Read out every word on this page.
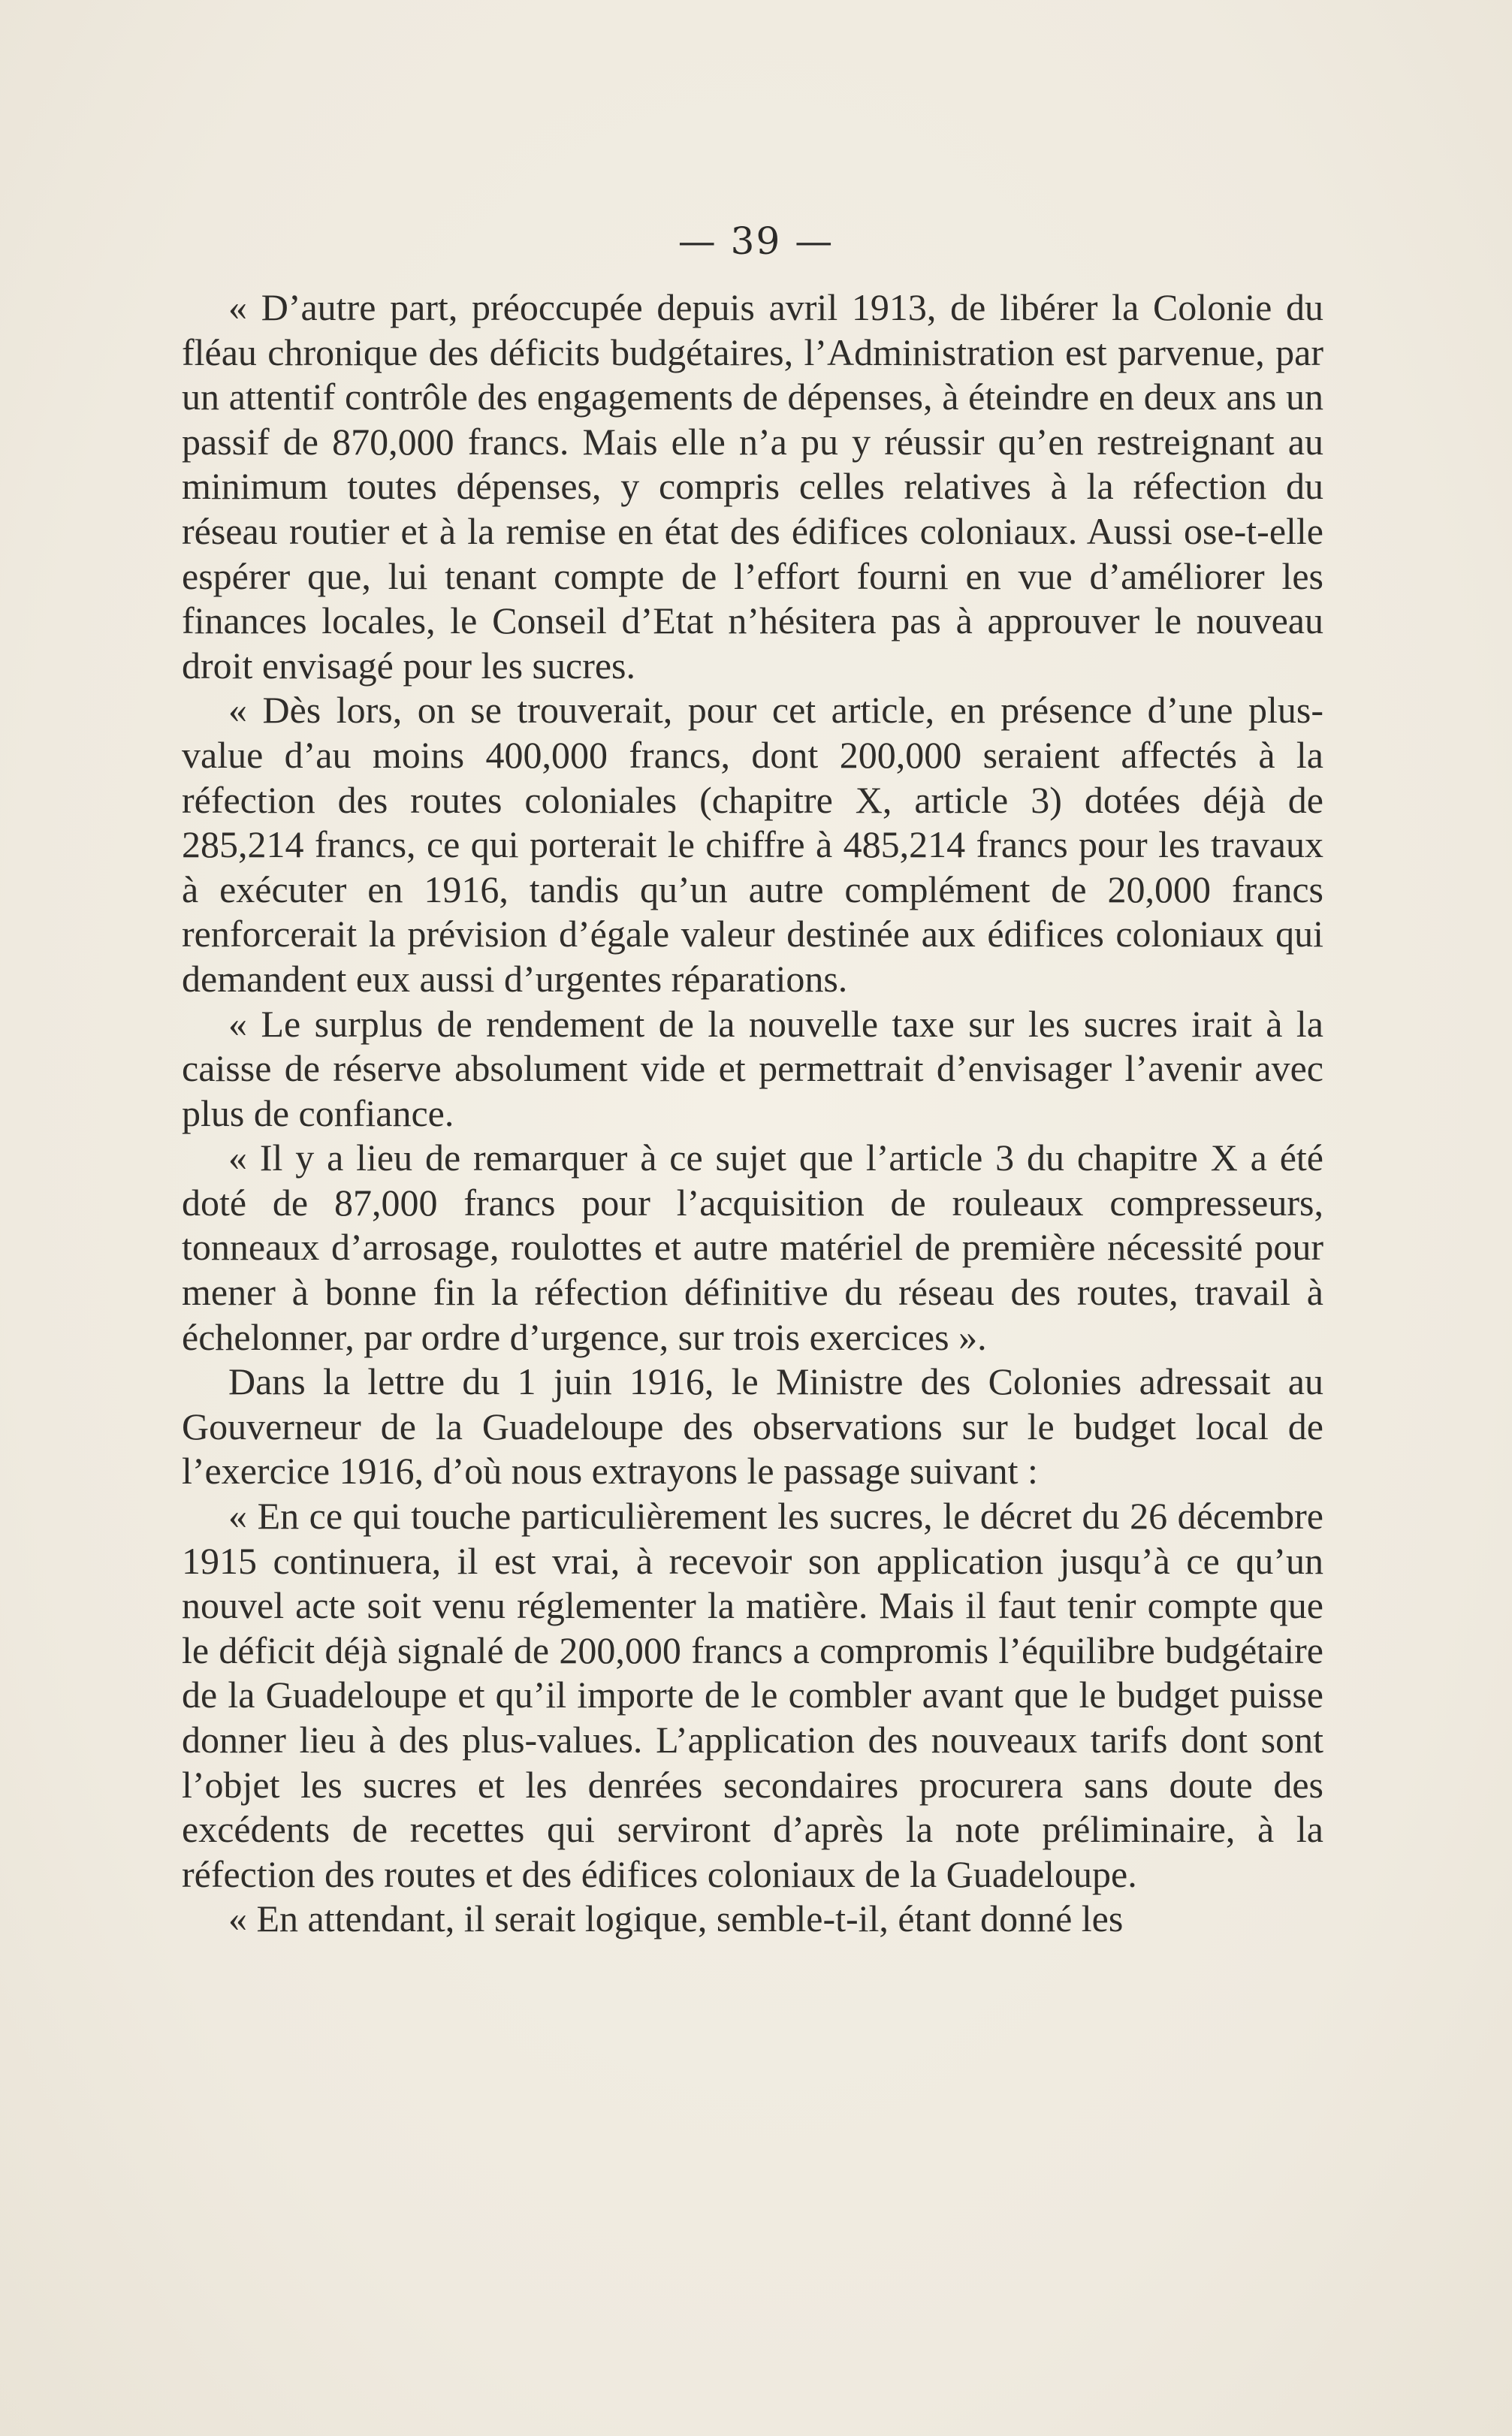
— 39 —

« D’autre part, préoccupée depuis avril 1913, de libérer la Colonie du fléau chronique des déficits budgétaires, l’Administration est parvenue, par un attentif contrôle des engagements de dépenses, à éteindre en deux ans un passif de 870,000 francs. Mais elle n’a pu y réussir qu’en restreignant au minimum toutes dépenses, y compris celles relatives à la réfection du réseau routier et à la remise en état des édifices coloniaux. Aussi ose-t-elle espérer que, lui tenant compte de l’effort fourni en vue d’améliorer les finances locales, le Conseil d’Etat n’hésitera pas à approuver le nouveau droit envisagé pour les sucres.

« Dès lors, on se trouverait, pour cet article, en présence d’une plus-value d’au moins 400,000 francs, dont 200,000 seraient affectés à la réfection des routes coloniales (chapitre X, article 3) dotées déjà de 285,214 francs, ce qui porterait le chiffre à 485,214 francs pour les travaux à exécuter en 1916, tandis qu’un autre complément de 20,000 francs renforcerait la prévision d’égale valeur destinée aux édifices coloniaux qui demandent eux aussi d’urgentes réparations.

« Le surplus de rendement de la nouvelle taxe sur les sucres irait à la caisse de réserve absolument vide et permettrait d’envisager l’avenir avec plus de confiance.

« Il y a lieu de remarquer à ce sujet que l’article 3 du chapitre X a été doté de 87,000 francs pour l’acquisition de rouleaux compresseurs, tonneaux d’arrosage, roulottes et autre matériel de première nécessité pour mener à bonne fin la réfection définitive du réseau des routes, travail à échelonner, par ordre d’urgence, sur trois exercices ».

Dans la lettre du 1 juin 1916, le Ministre des Colonies adressait au Gouverneur de la Guadeloupe des observations sur le budget local de l’exercice 1916, d’où nous extrayons le passage suivant :

« En ce qui touche particulièrement les sucres, le décret du 26 décembre 1915 continuera, il est vrai, à recevoir son application jusqu’à ce qu’un nouvel acte soit venu réglementer la matière. Mais il faut tenir compte que le déficit déjà signalé de 200,000 francs a compromis l’équilibre budgétaire de la Guadeloupe et qu’il importe de le combler avant que le budget puisse donner lieu à des plus-values. L’application des nouveaux tarifs dont sont l’objet les sucres et les denrées secondaires procurera sans doute des excédents de recettes qui serviront d’après la note préliminaire, à la réfection des routes et des édifices coloniaux de la Guadeloupe.

« En attendant, il serait logique, semble-t-il, étant donné les
